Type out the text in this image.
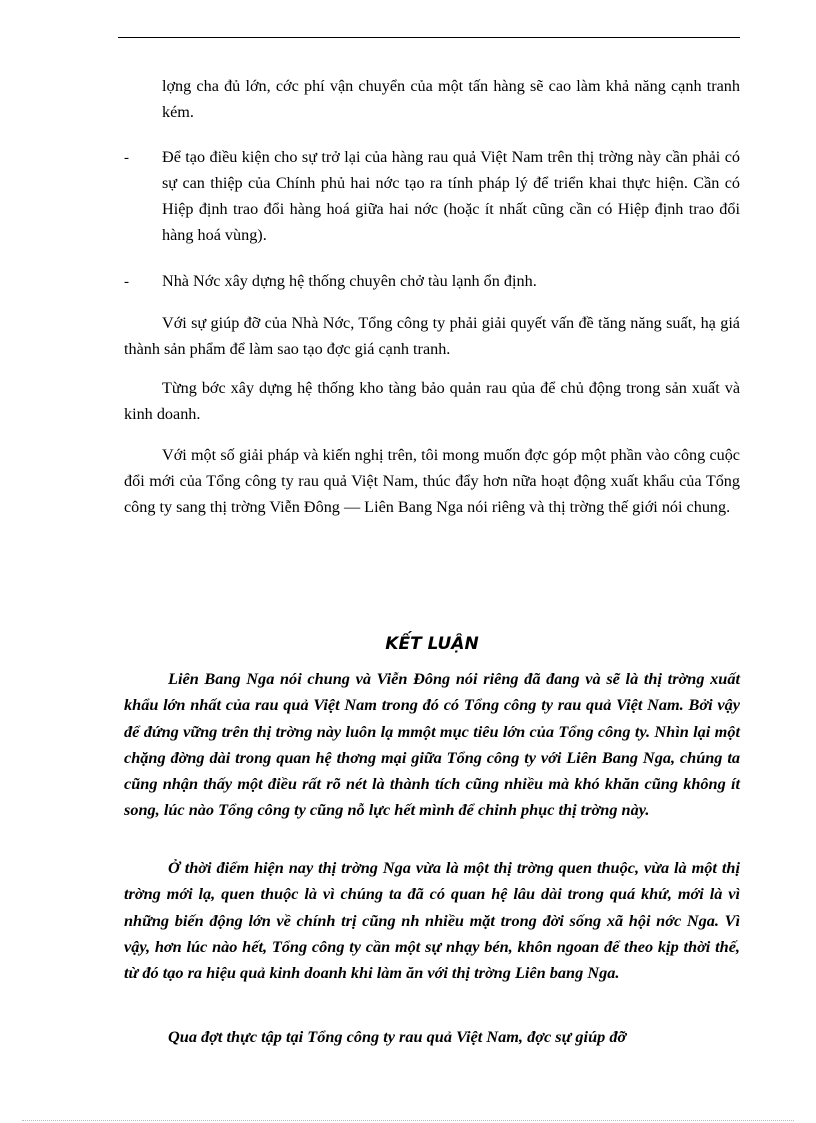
lợng cha đủ lớn, cớc phí vận chuyển của một tấn hàng sẽ cao làm khả năng cạnh tranh kém.

- Để tạo điều kiện cho sự trở lại của hàng rau quả Việt Nam trên thị trờng này cần phải có sự can thiệp của Chính phủ hai nớc tạo ra tính pháp lý để triển khai thực hiện. Cần có Hiệp định trao đổi hàng hoá giữa hai nớc (hoặc ít nhất cũng cần có Hiệp định trao đổi hàng hoá vùng).

- Nhà Nớc xây dựng hệ thống chuyên chở tàu lạnh ổn định.

Với sự giúp đỡ của Nhà Nớc, Tổng công ty phải giải quyết vấn đề tăng năng suất, hạ giá thành sản phẩm để làm sao tạo đợc giá cạnh tranh.

Từng bớc xây dựng hệ thống kho tàng bảo quản rau qủa để chủ động trong sản xuất và kinh doanh.

Với một số giải pháp và kiến nghị trên, tôi mong muốn đợc góp một phần vào công cuộc đổi mới của Tổng công ty rau quả Việt Nam, thúc đẩy hơn nữa hoạt động xuất khẩu của Tổng công ty sang thị trờng Viễn Đông — Liên Bang Nga nói riêng và thị trờng thế giới nói chung.

KẾT LUẬN

Liên Bang Nga nói chung và Viễn Đông nói riêng đã đang và sẽ là thị trờng xuất khẩu lớn nhất của rau quả Việt Nam trong đó có Tổng công ty rau quả Việt Nam. Bởi vậy để đứng vững trên thị trờng này luôn lạ mmột mục tiêu lớn của Tổng công ty. Nhìn lại một chặng đờng dài trong quan hệ thơng mại giữa Tổng công ty với Liên Bang Nga, chúng ta cũng nhận thấy một điều rất rõ nét là thành tích cũng nhiều mà khó khăn cũng không ít song, lúc nào Tổng công ty cũng nỗ lực hết mình để chinh phục thị trờng này.

Ở thời điểm hiện nay thị trờng Nga vừa là một thị trờng quen thuộc, vừa là một thị trờng mới lạ, quen thuộc là vì chúng ta đã có quan hệ lâu dài trong quá khứ, mới là vì những biến động lớn về chính trị cũng nh nhiều mặt trong đời sống xã hội nớc Nga. Vì vậy, hơn lúc nào hết, Tổng công ty cần một sự nhạy bén, khôn ngoan để theo kịp thời thế, từ đó tạo ra hiệu quả kinh doanh khi làm ăn với thị trờng Liên bang Nga.

Qua đợt thực tập tại Tổng công ty rau quả Việt Nam, đợc sự giúp đỡ
